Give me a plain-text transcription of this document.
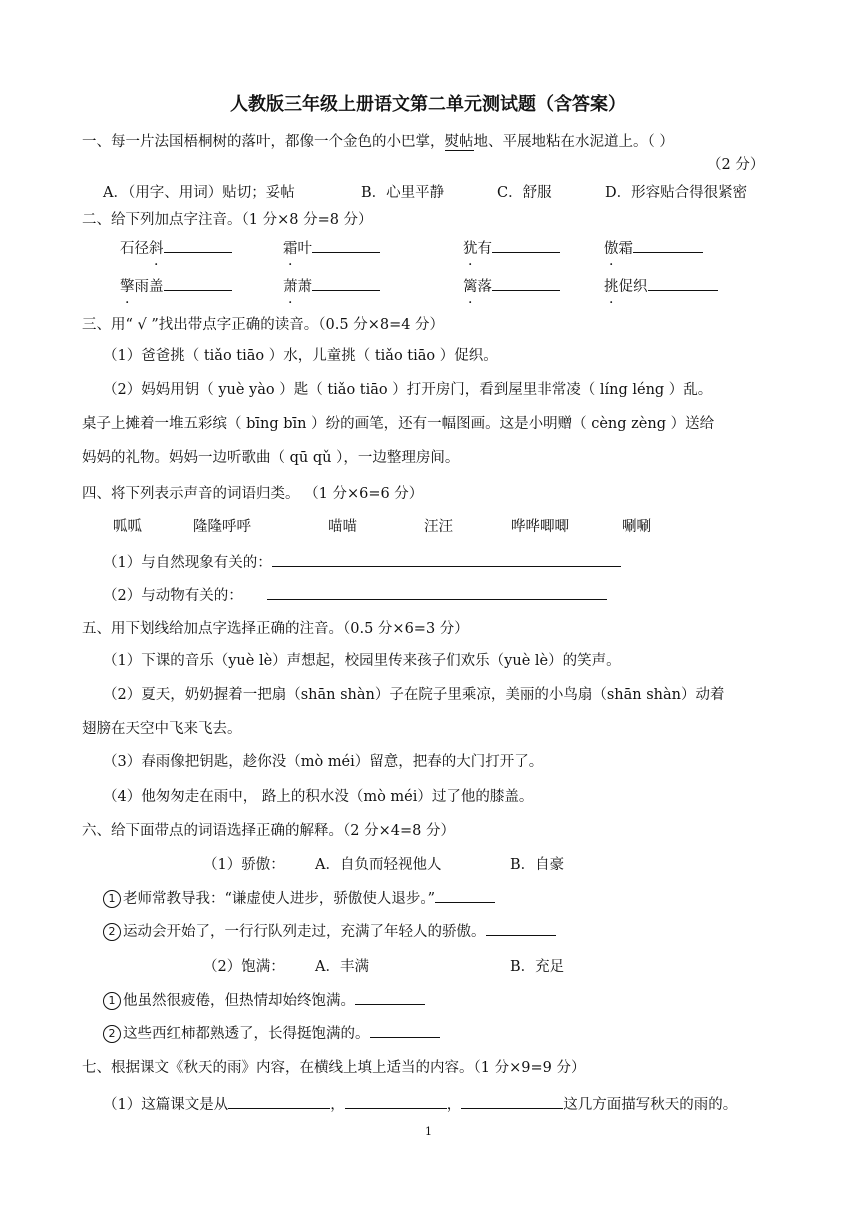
人教版三年级上册语文第二单元测试题（含答案）
一、每一片法国梧桐树的落叶，都像一个金色的小巴掌，熨帖地、平展地粘在水泥道上。（ ）
（2 分）
A．（用字、用词）贴切；妥帖	B．心里平静	C．舒服	D．形容贴合得很紧密
二、给下列加点字注音。（1 分×8 分=8 分）
石径斜	霜叶	犹有	傲霜
擎雨盖	萧萧	篱落	挑促织
三、用“ √ ”找出带点字正确的读音。（0.5 分×8=4 分）
（1）爸爸挑（ tiǎo tiāo ）水，儿童挑（ tiǎo tiāo ）促织。
（2）妈妈用钥（ yuè yào ）匙（ tiǎo tiāo ）打开房门，看到屋里非常凌（ líng léng ）乱。
桌子上摊着一堆五彩缤（ bīng bīn ）纷的画笔，还有一幅图画。这是小明赠（ cèng zèng ）送给
妈妈的礼物。妈妈一边听歌曲（ qū qǔ ），一边整理房间。
四、将下列表示声音的词语归类。 （1 分×6=6 分）
呱呱	隆隆呼呼	喵喵	汪汪	哗哗唧唧	唰唰
（1）与自然现象有关的：
（2）与动物有关的：
五、用下划线给加点字选择正确的注音。（0.5 分×6=3 分）
（1）下课的音乐（yuè lè）声想起，校园里传来孩子们欢乐（yuè lè）的笑声。
（2）夏天，奶奶握着一把扇（shān shàn）子在院子里乘凉，美丽的小鸟扇（shān shàn）动着
翅膀在天空中飞来飞去。
（3）春雨像把钥匙，趁你没（mò méi）留意，把春的大门打开了。
（4）他匆匆走在雨中， 路上的积水没（mò méi）过了他的膝盖。
六、给下面带点的词语选择正确的解释。（2 分×4=8 分）
（1）骄傲： A．自负而轻视他人	B．自豪
1 老师常教导我：“谦虚使人进步，骄傲使人退步。”
2 运动会开始了，一行行队列走过，充满了年轻人的骄傲。
（2）饱满： A．丰满	B．充足
1 他虽然很疲倦，但热情却始终饱满。
2 这些西红柿都熟透了，长得挺饱满的。
七、根据课文《秋天的雨》内容，在横线上填上适当的内容。（1 分×9=9 分）
（1）这篇课文是从	，	，	这几方面描写秋天的雨的。
1
